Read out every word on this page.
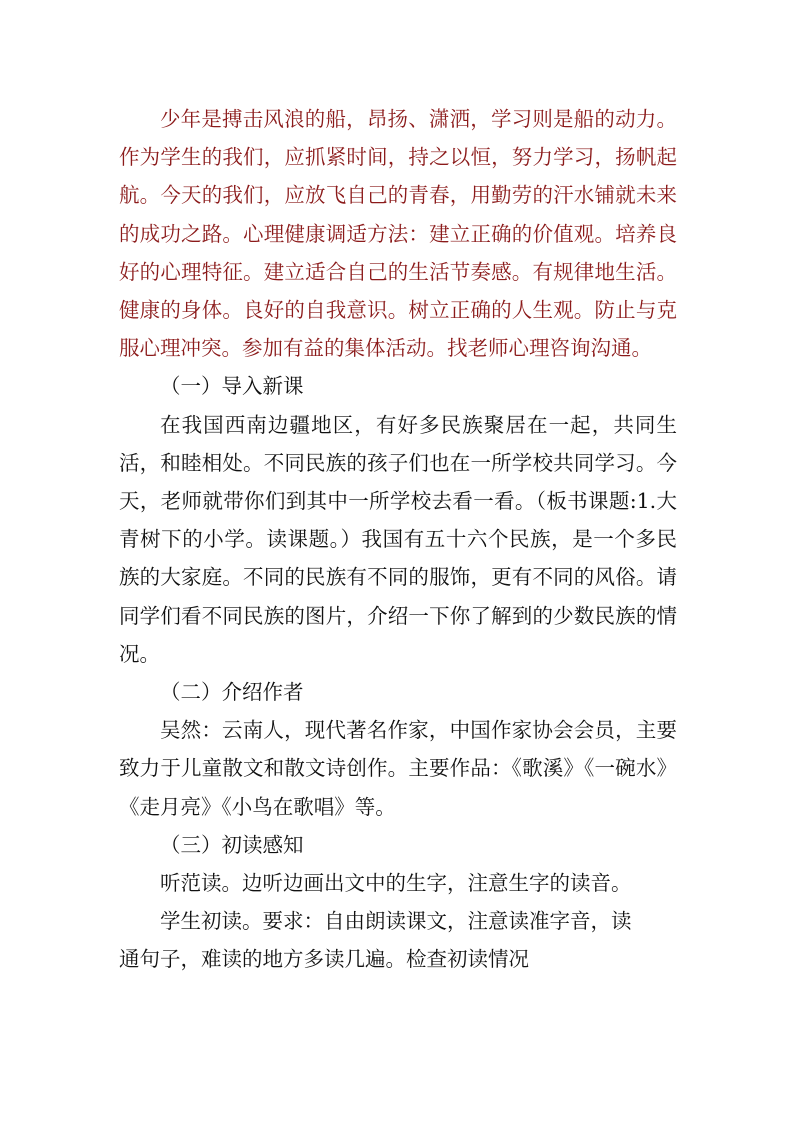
少年是搏击风浪的船，昂扬、潇洒，学习则是船的动力。作为学生的我们，应抓紧时间，持之以恒，努力学习，扬帆起航。今天的我们，应放飞自己的青春，用勤劳的汗水铺就未来的成功之路。心理健康调适方法：建立正确的价值观。培养良好的心理特征。建立适合自己的生活节奏感。有规律地生活。健康的身体。良好的自我意识。树立正确的人生观。防止与克服心理冲突。参加有益的集体活动。找老师心理咨询沟通。

（一）导入新课

在我国西南边疆地区，有好多民族聚居在一起，共同生活，和睦相处。不同民族的孩子们也在一所学校共同学习。今天，老师就带你们到其中一所学校去看一看。（板书课题:1.大青树下的小学。读课题。）我国有五十六个民族，是一个多民族的大家庭。不同的民族有不同的服饰，更有不同的风俗。请同学们看不同民族的图片，介绍一下你了解到的少数民族的情况。

（二）介绍作者

吴然：云南人，现代著名作家，中国作家协会会员，主要致力于儿童散文和散文诗创作。主要作品：《歌溪》《一碗水》《走月亮》《小鸟在歌唱》等。

（三）初读感知

听范读。边听边画出文中的生字，注意生字的读音。

学生初读。要求：自由朗读课文，注意读准字音，读

通句子，难读的地方多读几遍。检查初读情况
